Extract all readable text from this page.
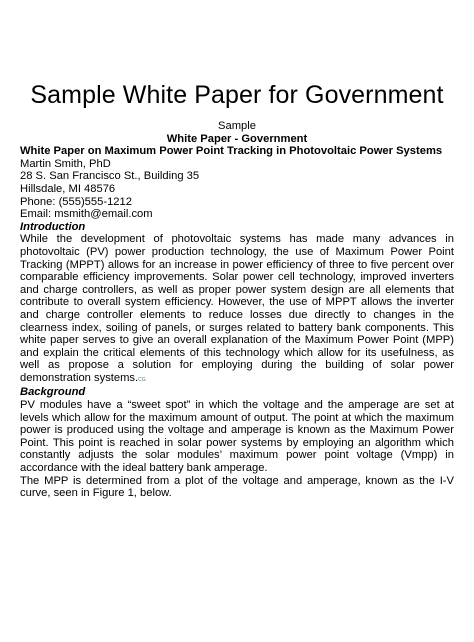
Sample White Paper for Government
Sample
White Paper - Government
White Paper on Maximum Power Point Tracking in Photovoltaic Power Systems
Martin Smith, PhD
28 S. San Francisco St., Building 35
Hillsdale, MI 48576
Phone: (555)555-1212
Email: msmith@email.com
Introduction

While the development of photovoltaic systems has made many advances in photovoltaic (PV) power production technology, the use of Maximum Power Point Tracking (MPPT) allows for an increase in power efficiency of three to five percent over comparable efficiency improvements. Solar power cell technology, improved inverters and charge controllers, as well as proper power system design are all elements that contribute to overall system efficiency. However, the use of MPPT allows the inverter and charge controller elements to reduce losses due directly to changes in the clearness index, soiling of panels, or surges related to battery bank components. This white paper serves to give an overall explanation of the Maximum Power Point (MPP) and explain the critical elements of this technology which allow for its usefulness, as well as propose a solution for employing during the building of solar power demonstration systems.CG

Background

PV modules have a “sweet spot” in which the voltage and the amperage are set at levels which allow for the maximum amount of output. The point at which the maximum power is produced using the voltage and amperage is known as the Maximum Power Point. This point is reached in solar power systems by employing an algorithm which constantly adjusts the solar modules’ maximum power point voltage (Vmpp) in accordance with the ideal battery bank amperage.

The MPP is determined from a plot of the voltage and amperage, known as the I-V curve, seen in Figure 1, below.
